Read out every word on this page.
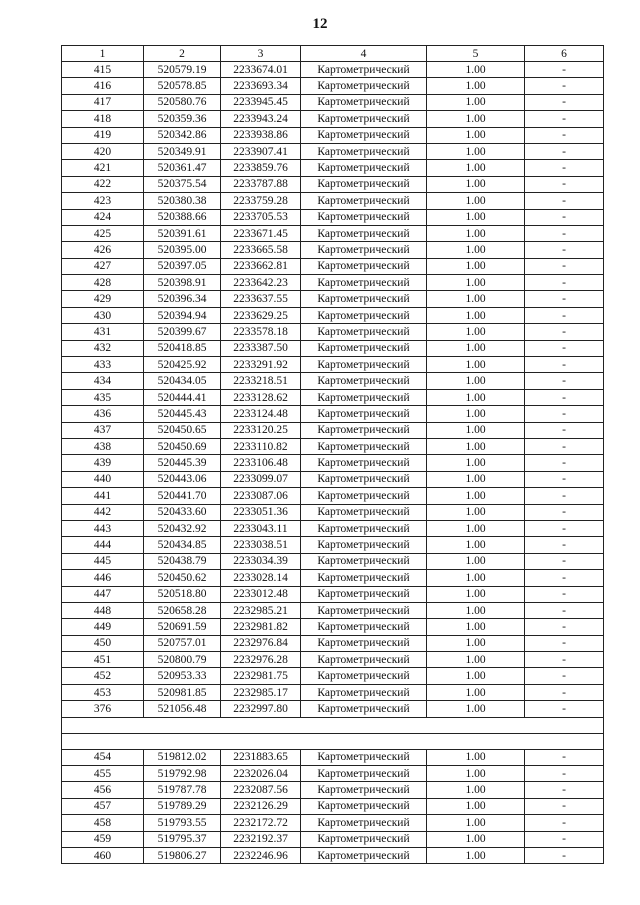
12
1	2	3	4	5	6
415	520579.19	2233674.01	Картометрический	1.00	-
416	520578.85	2233693.34	Картометрический	1.00	-
417	520580.76	2233945.45	Картометрический	1.00	-
418	520359.36	2233943.24	Картометрический	1.00	-
419	520342.86	2233938.86	Картометрический	1.00	-
420	520349.91	2233907.41	Картометрический	1.00	-
421	520361.47	2233859.76	Картометрический	1.00	-
422	520375.54	2233787.88	Картометрический	1.00	-
423	520380.38	2233759.28	Картометрический	1.00	-
424	520388.66	2233705.53	Картометрический	1.00	-
425	520391.61	2233671.45	Картометрический	1.00	-
426	520395.00	2233665.58	Картометрический	1.00	-
427	520397.05	2233662.81	Картометрический	1.00	-
428	520398.91	2233642.23	Картометрический	1.00	-
429	520396.34	2233637.55	Картометрический	1.00	-
430	520394.94	2233629.25	Картометрический	1.00	-
431	520399.67	2233578.18	Картометрический	1.00	-
432	520418.85	2233387.50	Картометрический	1.00	-
433	520425.92	2233291.92	Картометрический	1.00	-
434	520434.05	2233218.51	Картометрический	1.00	-
435	520444.41	2233128.62	Картометрический	1.00	-
436	520445.43	2233124.48	Картометрический	1.00	-
437	520450.65	2233120.25	Картометрический	1.00	-
438	520450.69	2233110.82	Картометрический	1.00	-
439	520445.39	2233106.48	Картометрический	1.00	-
440	520443.06	2233099.07	Картометрический	1.00	-
441	520441.70	2233087.06	Картометрический	1.00	-
442	520433.60	2233051.36	Картометрический	1.00	-
443	520432.92	2233043.11	Картометрический	1.00	-
444	520434.85	2233038.51	Картометрический	1.00	-
445	520438.79	2233034.39	Картометрический	1.00	-
446	520450.62	2233028.14	Картометрический	1.00	-
447	520518.80	2233012.48	Картометрический	1.00	-
448	520658.28	2232985.21	Картометрический	1.00	-
449	520691.59	2232981.82	Картометрический	1.00	-
450	520757.01	2232976.84	Картометрический	1.00	-
451	520800.79	2232976.28	Картометрический	1.00	-
452	520953.33	2232981.75	Картометрический	1.00	-
453	520981.85	2232985.17	Картометрический	1.00	-
376	521056.48	2232997.80	Картометрический	1.00	-

454	519812.02	2231883.65	Картометрический	1.00	-
455	519792.98	2232026.04	Картометрический	1.00	-
456	519787.78	2232087.56	Картометрический	1.00	-
457	519789.29	2232126.29	Картометрический	1.00	-
458	519793.55	2232172.72	Картометрический	1.00	-
459	519795.37	2232192.37	Картометрический	1.00	-
460	519806.27	2232246.96	Картометрический	1.00	-
